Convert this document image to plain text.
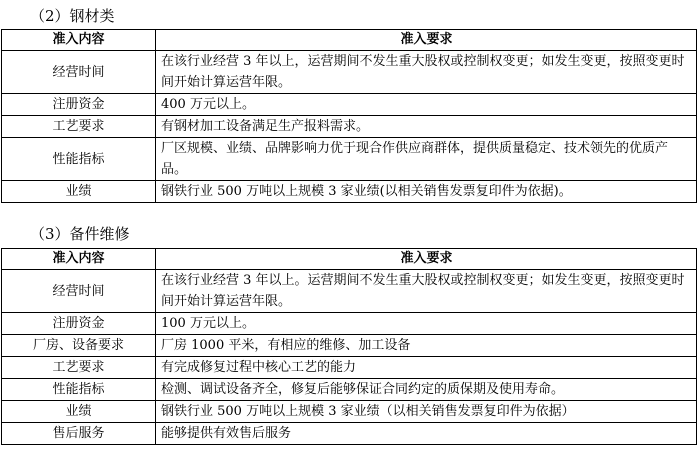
（2）钢材类
准入内容	准入要求
经营时间	在该行业经营 3 年以上，运营期间不发生重大股权或控制权变更；如发生变更，按照变更时间开始计算运营年限。
注册资金	400 万元以上。
工艺要求	有钢材加工设备满足生产报料需求。
性能指标	厂区规模、业绩、品牌影响力优于现合作供应商群体，提供质量稳定、技术领先的优质产品。
业绩	钢铁行业 500 万吨以上规模 3 家业绩(以相关销售发票复印件为依据)。
（3）备件维修
准入内容	准入要求
经营时间	在该行业经营 3 年以上。运营期间不发生重大股权或控制权变更；如发生变更，按照变更时间开始计算运营年限。
注册资金	100 万元以上。
厂房、设备要求	厂房 1000 平米，有相应的维修、加工设备
工艺要求	有完成修复过程中核心工艺的能力
性能指标	检测、调试设备齐全，修复后能够保证合同约定的质保期及使用寿命。
业绩	钢铁行业 500 万吨以上规模 3 家业绩（以相关销售发票复印件为依据）
售后服务	能够提供有效售后服务
